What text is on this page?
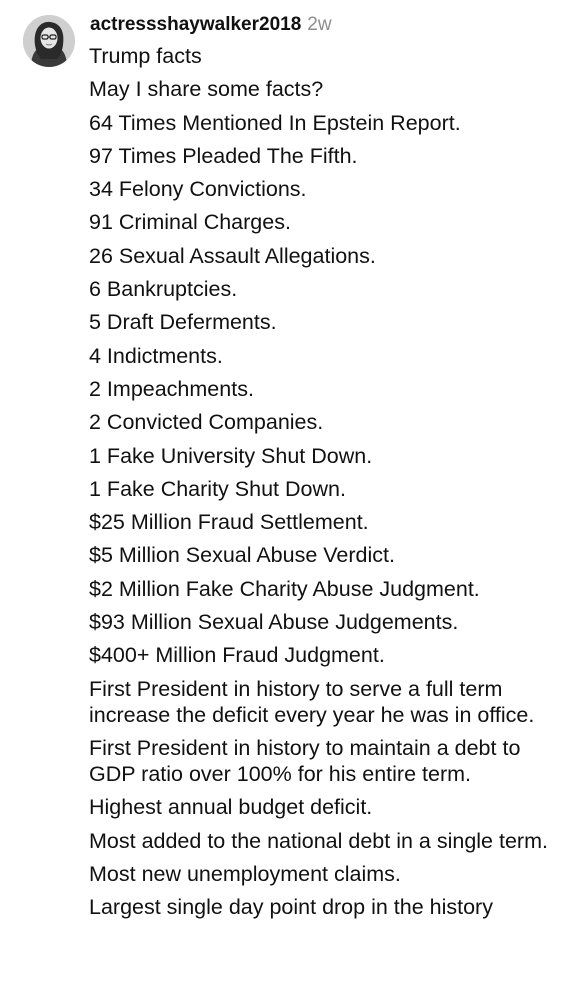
actressshaywalker2018 2w
Trump facts
May I share some facts?
64 Times Mentioned In Epstein Report.
97 Times Pleaded The Fifth.
34 Felony Convictions.
91 Criminal Charges.
26 Sexual Assault Allegations.
6 Bankruptcies.
5 Draft Deferments.
4 Indictments.
2 Impeachments.
2 Convicted Companies.
1 Fake University Shut Down.
1 Fake Charity Shut Down.
$25 Million Fraud Settlement.
$5 Million Sexual Abuse Verdict.
$2 Million Fake Charity Abuse Judgment.
$93 Million Sexual Abuse Judgements.
$400+ Million Fraud Judgment.
First President in history to serve a full term increase the deficit every year he was in office.
First President in history to maintain a debt to GDP ratio over 100% for his entire term.
Highest annual budget deficit.
Most added to the national debt in a single term.
Most new unemployment claims.
Largest single day point drop in the history
